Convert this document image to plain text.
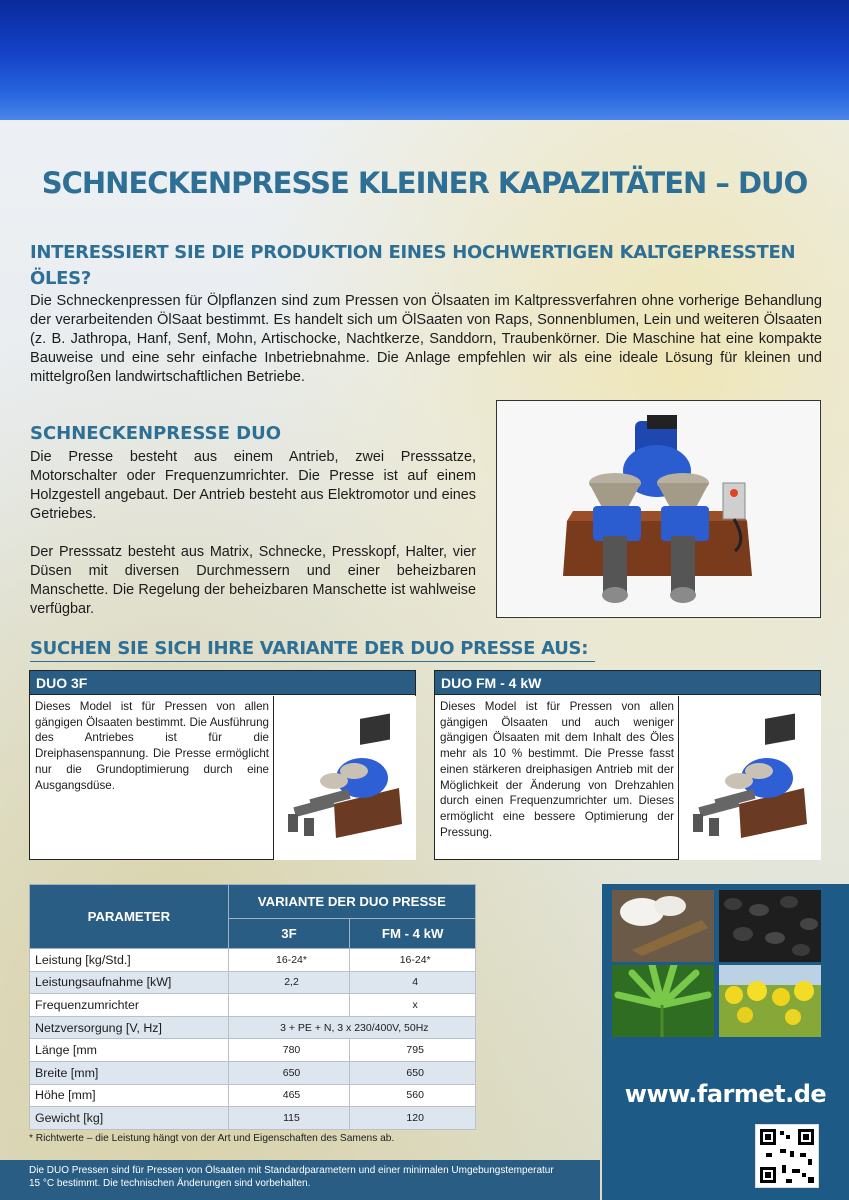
SCHNECKENPRESSE KLEINER KAPAZITÄTEN – DUO
INTERESSIERT SIE DIE PRODUKTION EINES HOCHWERTIGEN KALTGEPRESSTEN ÖLES?

Die Schneckenpressen für Ölpflanzen sind zum Pressen von Ölsaaten im Kaltpressverfahren ohne vorherige Behandlung der verarbeitenden ÖlSaat bestimmt. Es handelt sich um ÖlSaaten von Raps, Sonnenblumen, Lein und weiteren Ölsaaten (z. B. Jathropa, Hanf, Senf, Mohn, Artischocke, Nachtkerze, Sanddorn, Traubenkörner. Die Maschine hat eine kompakte Bauweise und eine sehr einfache Inbetriebnahme. Die Anlage empfehlen wir als eine ideale Lösung für kleinen und mittelgroßen landwirtschaftlichen Betriebe.

SCHNECKENPRESSE DUO

Die Presse besteht aus einem Antrieb, zwei Presssatze, Motorschalter oder Frequenzumrichter. Die Presse ist auf einem Holzgestell angebaut. Der Antrieb besteht aus Elektromotor und eines Getriebes.

Der Presssatz besteht aus Matrix, Schnecke, Presskopf, Halter, vier Düsen mit diversen Durchmessern und einer beheizbaren Manschette. Die Regelung der beheizbaren Manschette ist wahlweise verfügbar.

SUCHEN SIE SICH IHRE VARIANTE DER DUO PRESSE AUS:
DUO 3F
Dieses Model ist für Pressen von allen gängigen Ölsaaten bestimmt. Die Ausführung des Antriebes ist für die Dreiphasenspannung. Die Presse ermöglicht nur die Grundoptimierung durch eine Ausgangsdüse.
DUO FM - 4 kW
Dieses Model ist für Pressen von allen gängigen Ölsaaten und auch weniger gängigen Ölsaaten mit dem Inhalt des Öles mehr als 10 % bestimmt. Die Presse fasst einen stärkeren dreiphasigen Antrieb mit der Möglichkeit der Änderung von Drehzahlen durch einen Frequenzumrichter um. Dieses ermöglicht eine bessere Optimierung der Pressung.
PARAMETER	VARIANTE DER DUO PRESSE	
	3F	FM - 4 kW
Leistung [kg/Std.]	16-24*	16-24*
Leistungsaufnahme [kW]	2,2	4
Frequenzumrichter		x
Netzversorgung [V, Hz]	3 + PE + N, 3 x 230/400V, 50Hz	
Länge [mm	780	795
Breite [mm]	650	650
Höhe [mm]	465	560
Gewicht [kg]	115	120
* Richtwerte – die Leistung hängt von der Art und Eigenschaften des Samens ab.
Die DUO Pressen sind für Pressen von Ölsaaten mit Standardparametern und einer minimalen Umgebungstemperatur
15 °C bestimmt. Die technischen Änderungen sind vorbehalten.
www.farmet.de
